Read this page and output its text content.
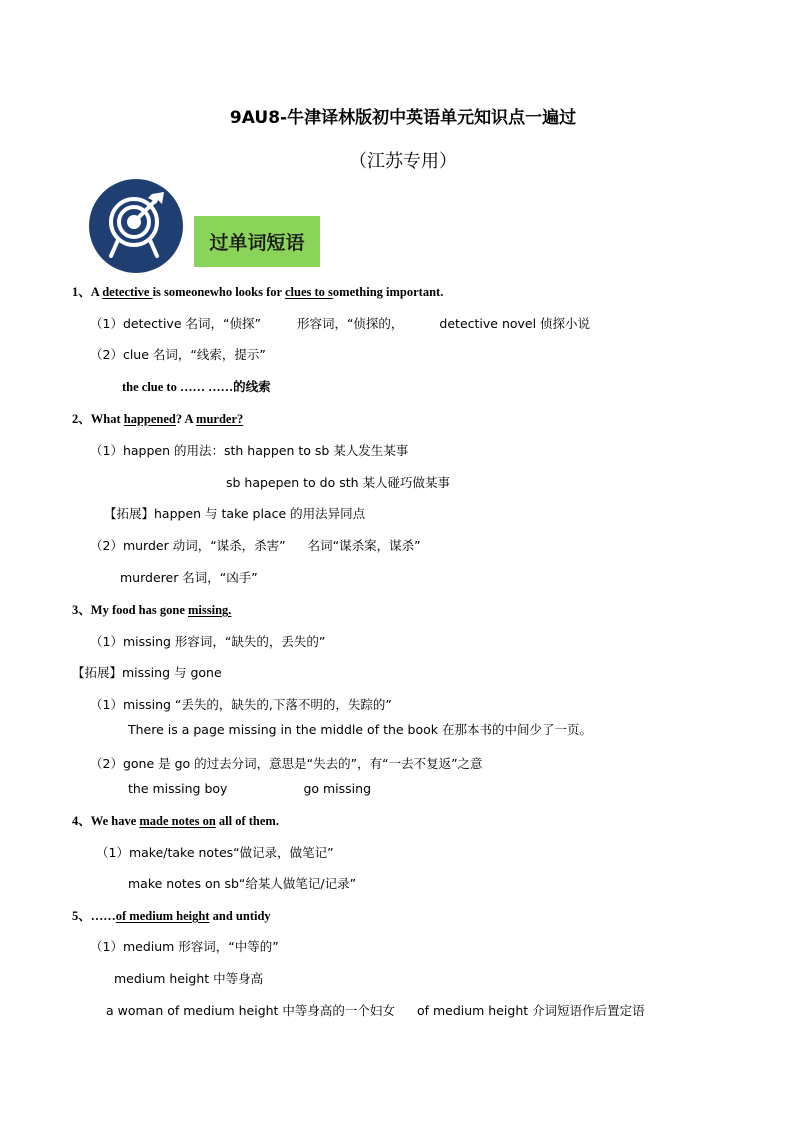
9AU8-牛津译林版初中英语单元知识点一遍过
（江苏专用）
过单词短语
1、A detective is someonewho looks for clues to something important.
（1）detective 名词，“侦探”	形容词，“侦探的，	detective novel 侦探小说
（2）clue 名词，“线索，提示”
the clue to …… ……的线索
2、What happened? A murder?
（1）happen 的用法：sth happen to sb 某人发生某事
sb hapepen to do sth 某人碰巧做某事
【拓展】happen 与 take place 的用法异同点
（2）murder 动词，“谋杀，杀害” 名词“谋杀案，谋杀”
murderer 名词，“凶手”
3、My food has gone missing.
（1）missing 形容词，“缺失的，丢失的”
【拓展】missing 与 gone
（1）missing “丢失的，缺失的,下落不明的，失踪的”
There is a page missing in the middle of the book 在那本书的中间少了一页。
（2）gone 是 go 的过去分词，意思是“失去的”，有“一去不复返”之意
the missing boy	go missing
4、We have made notes on all of them.
（1）make/take notes“做记录，做笔记”
make notes on sb“给某人做笔记/记录”
5、……of medium height and untidy
（1）medium 形容词，“中等的”
medium height 中等身高
a woman of medium height 中等身高的一个妇女 of medium height 介词短语作后置定语
